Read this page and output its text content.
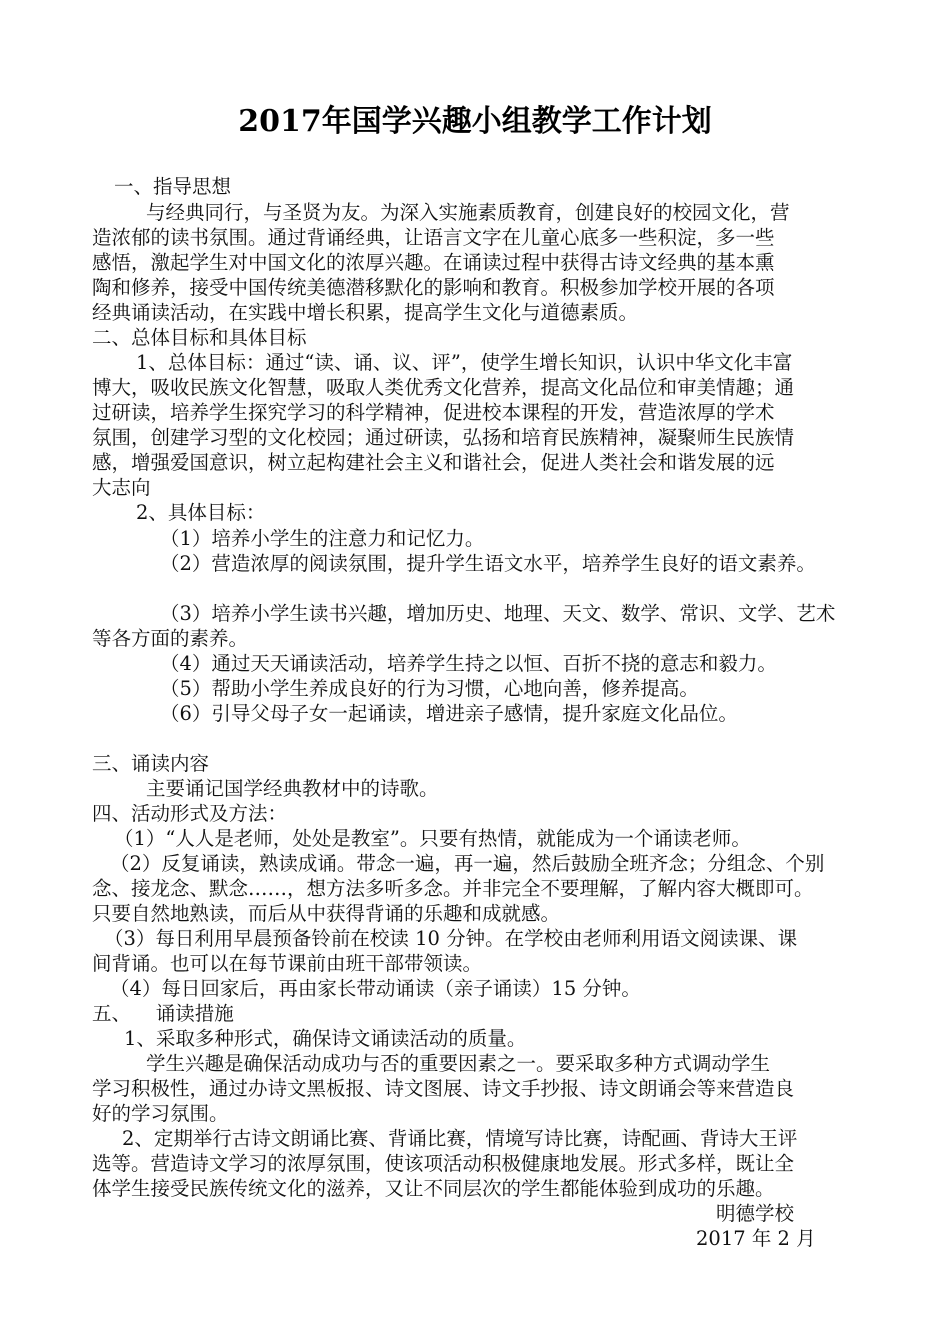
2017年国学兴趣小组教学工作计划
一、指导思想
与经典同行，与圣贤为友。为深入实施素质教育，创建良好的校园文化，营
造浓郁的读书氛围。通过背诵经典，让语言文字在儿童心底多一些积淀，多一些
感悟，激起学生对中国文化的浓厚兴趣。在诵读过程中获得古诗文经典的基本熏
陶和修养，接受中国传统美德潜移默化的影响和教育。积极参加学校开展的各项
经典诵读活动，在实践中增长积累，提高学生文化与道德素质。
二、总体目标和具体目标
1、总体目标：通过“读、诵、议、评”，使学生增长知识，认识中华文化丰富
博大，吸收民族文化智慧，吸取人类优秀文化营养，提高文化品位和审美情趣；通
过研读，培养学生探究学习的科学精神，促进校本课程的开发，营造浓厚的学术
氛围，创建学习型的文化校园；通过研读，弘扬和培育民族精神，凝聚师生民族情
感，增强爱国意识，树立起构建社会主义和谐社会，促进人类社会和谐发展的远
大志向
2、具体目标：
（1）培养小学生的注意力和记忆力。
（2）营造浓厚的阅读氛围，提升学生语文水平，培养学生良好的语文素养。
（3）培养小学生读书兴趣，增加历史、地理、天文、数学、常识、文学、艺术
等各方面的素养。
（4）通过天天诵读活动，培养学生持之以恒、百折不挠的意志和毅力。
（5）帮助小学生养成良好的行为习惯，心地向善，修养提高。
（6）引导父母子女一起诵读，增进亲子感情，提升家庭文化品位。
三、诵读内容
主要诵记国学经典教材中的诗歌。
四、活动形式及方法：
（1）“人人是老师，处处是教室”。只要有热情，就能成为一个诵读老师。
（2）反复诵读，熟读成诵。带念一遍，再一遍，然后鼓励全班齐念；分组念、个别
念、接龙念、默念……，想方法多听多念。并非完全不要理解，了解内容大概即可。
只要自然地熟读，而后从中获得背诵的乐趣和成就感。
（3）每日利用早晨预备铃前在校读 10 分钟。在学校由老师利用语文阅读课、课
间背诵。也可以在每节课前由班干部带领读。
（4）每日回家后，再由家长带动诵读（亲子诵读）15 分钟。
五、    诵读措施
1、采取多种形式，确保诗文诵读活动的质量。
学生兴趣是确保活动成功与否的重要因素之一。要采取多种方式调动学生
学习积极性，通过办诗文黑板报、诗文图展、诗文手抄报、诗文朗诵会等来营造良
好的学习氛围。
2、定期举行古诗文朗诵比赛、背诵比赛，情境写诗比赛，诗配画、背诗大王评
选等。营造诗文学习的浓厚氛围，使该项活动积极健康地发展。形式多样，既让全
体学生接受民族传统文化的滋养，又让不同层次的学生都能体验到成功的乐趣。
明德学校
2017 年 2 月
